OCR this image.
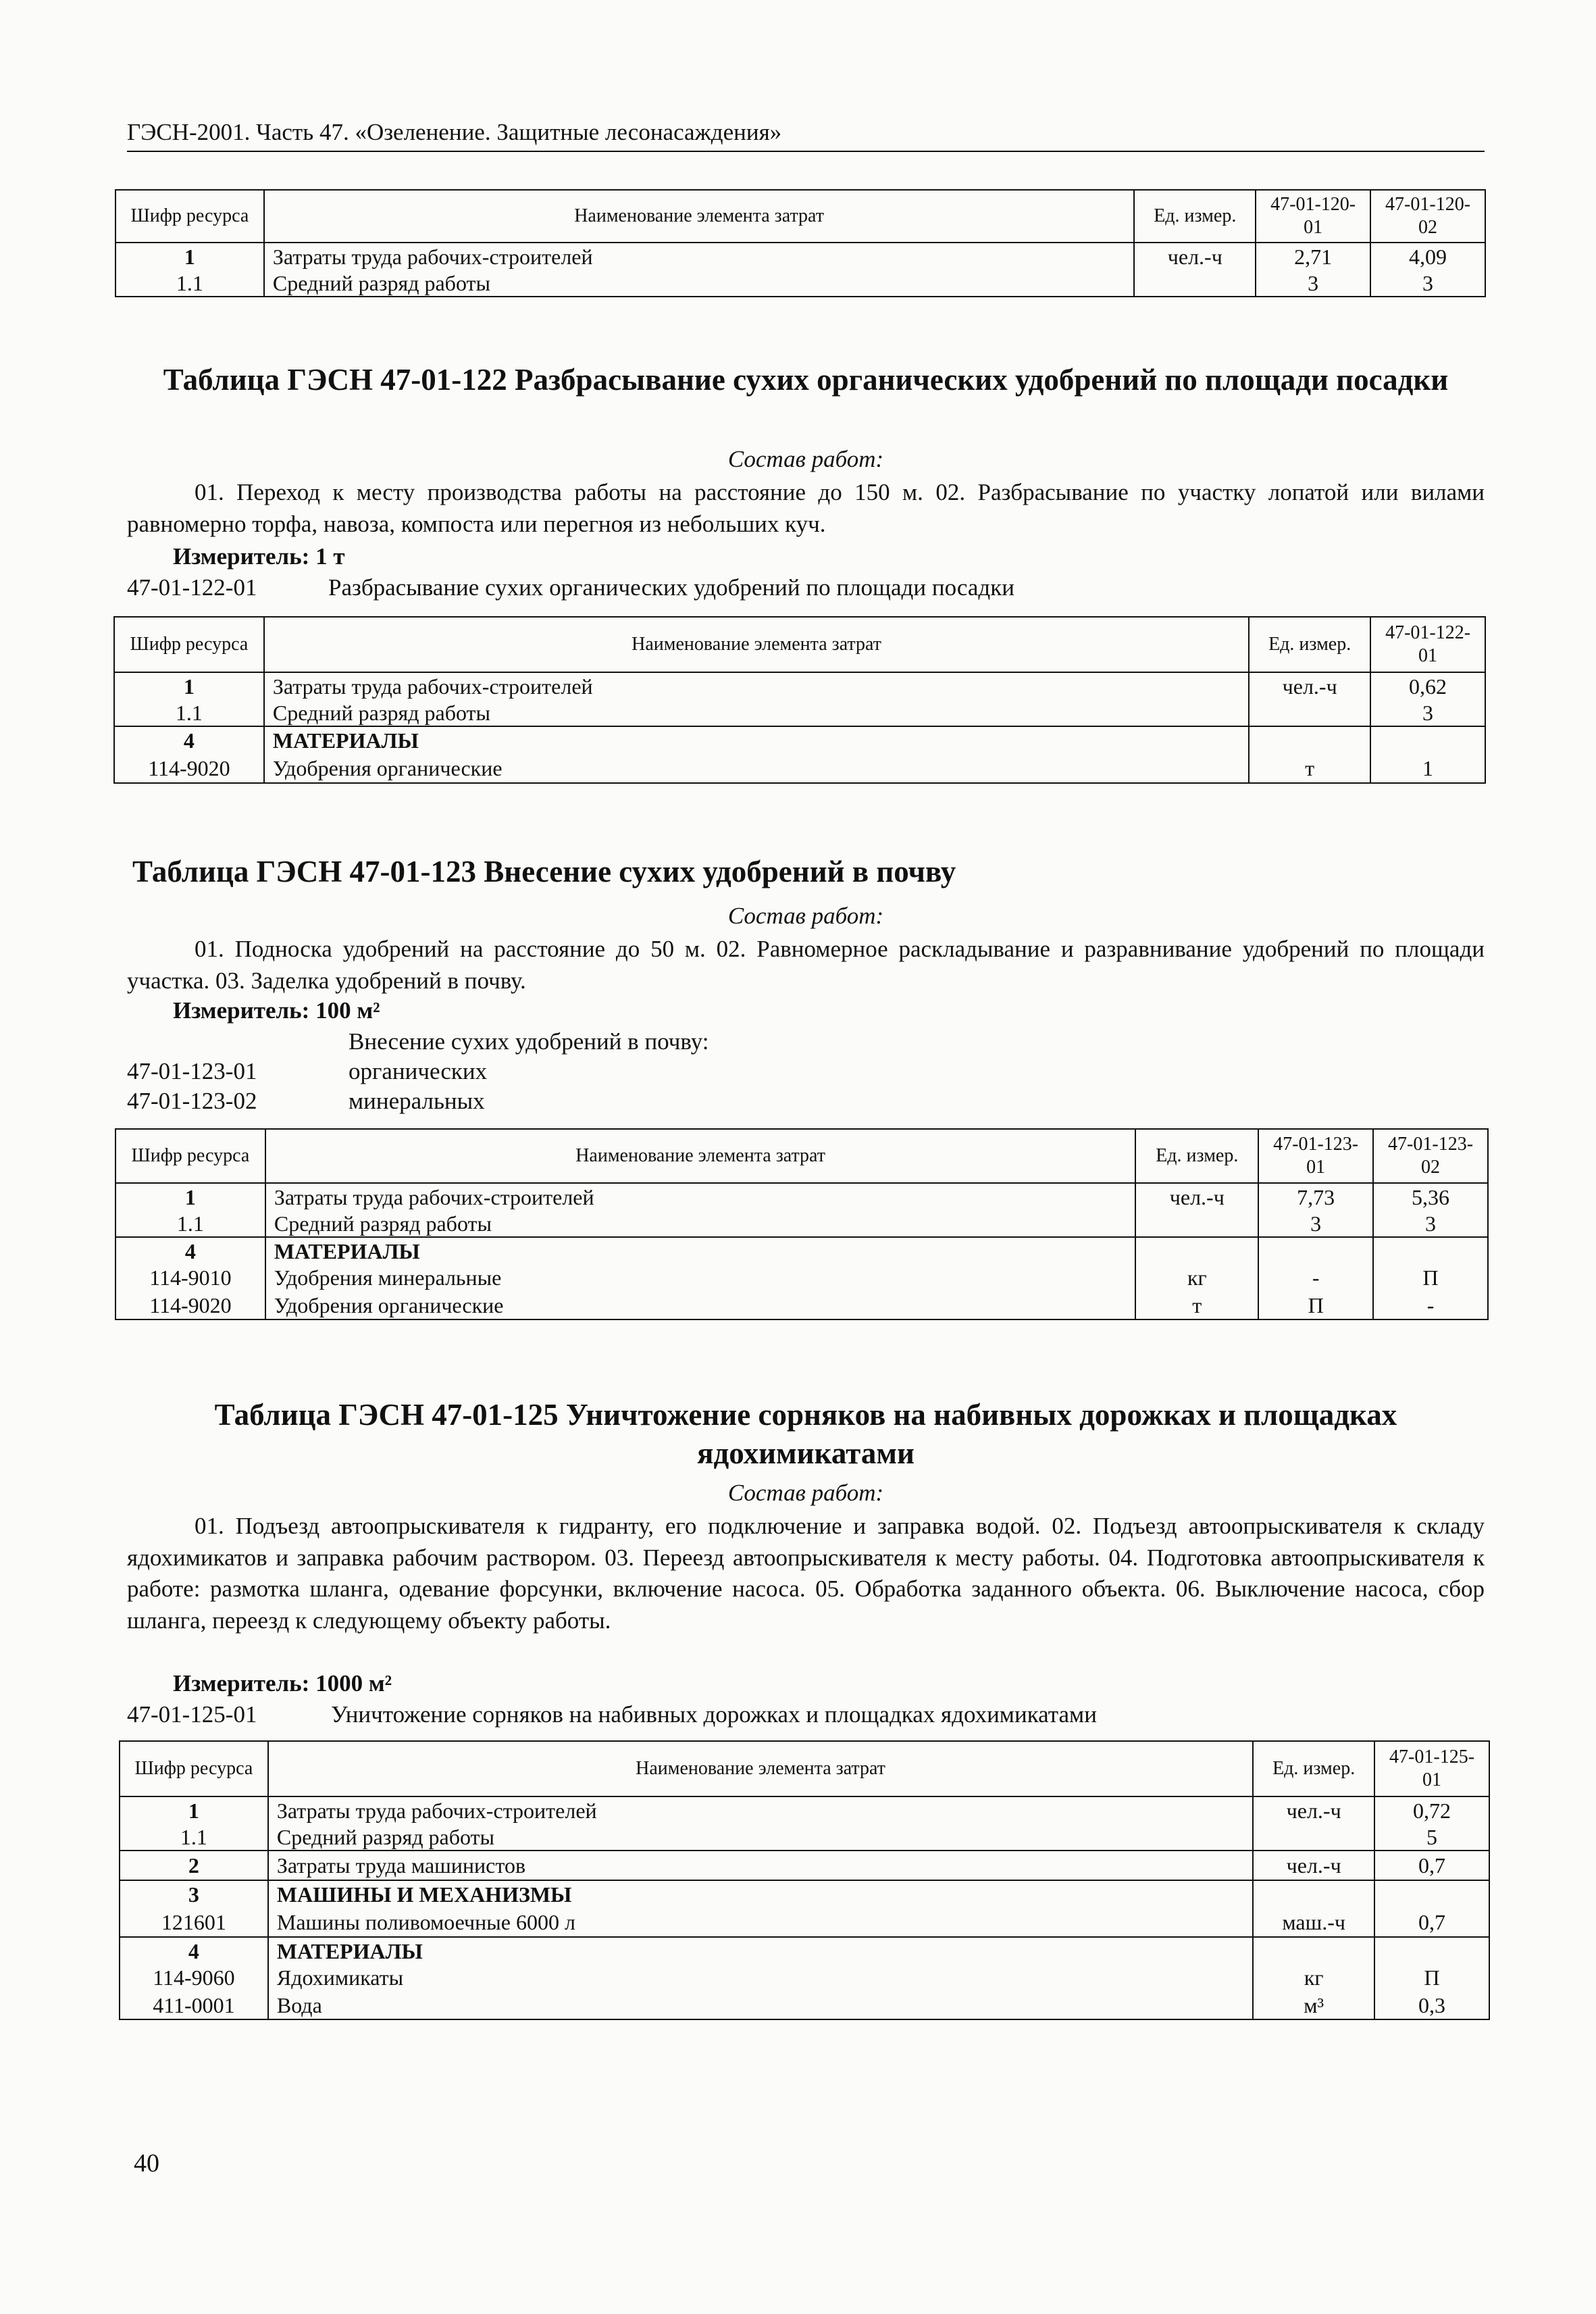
ГЭСН-2001. Часть 47. «Озеленение. Защитные лесонасаждения»
Шифр ресурса	Наименование элемента затрат	Ед. измер.	47-01-120-01	47-01-120-02
1	Затраты труда рабочих-строителей	чел.-ч	2,71	4,09
1.1	Средний разряд работы		3	3
Таблица ГЭСН 47-01-122 Разбрасывание сухих органических удобрений по площади посадки
Состав работ:
01. Переход к месту производства работы на расстояние до 150 м. 02. Разбрасывание по участку лопатой или вилами равномерно торфа, навоза, компоста или перегноя из небольших куч.
Измеритель: 1 т
47-01-122-01	Разбрасывание сухих органических удобрений по площади посадки
Шифр ресурса	Наименование элемента затрат	Ед. измер.	47-01-122-01
1	Затраты труда рабочих-строителей	чел.-ч	0,62
1.1	Средний разряд работы		3
4	МАТЕРИАЛЫ		
114-9020	Удобрения органические	т	1
Таблица ГЭСН 47-01-123 Внесение сухих удобрений в почву
Состав работ:
01. Подноска удобрений на расстояние до 50 м. 02. Равномерное раскладывание и разравнивание удобрений по площади участка. 03. Заделка удобрений в почву.
Измеритель: 100 м²
Внесение сухих удобрений в почву:
47-01-123-01	органических
47-01-123-02	минеральных
Шифр ресурса	Наименование элемента затрат	Ед. измер.	47-01-123-01	47-01-123-02
1	Затраты труда рабочих-строителей	чел.-ч	7,73	5,36
1.1	Средний разряд работы		3	3
4	МАТЕРИАЛЫ			
114-9010	Удобрения минеральные	кг	-	П
114-9020	Удобрения органические	т	П	-
Таблица ГЭСН 47-01-125 Уничтожение сорняков на набивных дорожках и площадках ядохимикатами
Состав работ:
01. Подъезд автоопрыскивателя к гидранту, его подключение и заправка водой. 02. Подъезд автоопрыскивателя к складу ядохимикатов и заправка рабочим раствором. 03. Переезд автоопрыскивателя к месту работы. 04. Подготовка автоопрыскивателя к работе: размотка шланга, одевание форсунки, включение насоса. 05. Обработка заданного объекта. 06. Выключение насоса, сбор шланга, переезд к следующему объекту работы.
Измеритель: 1000 м²
47-01-125-01	Уничтожение сорняков на набивных дорожках и площадках ядохимикатами
Шифр ресурса	Наименование элемента затрат	Ед. измер.	47-01-125-01
1	Затраты труда рабочих-строителей	чел.-ч	0,72
1.1	Средний разряд работы		5
2	Затраты труда машинистов	чел.-ч	0,7
3	МАШИНЫ И МЕХАНИЗМЫ		
121601	Машины поливомоечные 6000 л	маш.-ч	0,7
4	МАТЕРИАЛЫ		
114-9060	Ядохимикаты	кг	П
411-0001	Вода	м³	0,3
40
